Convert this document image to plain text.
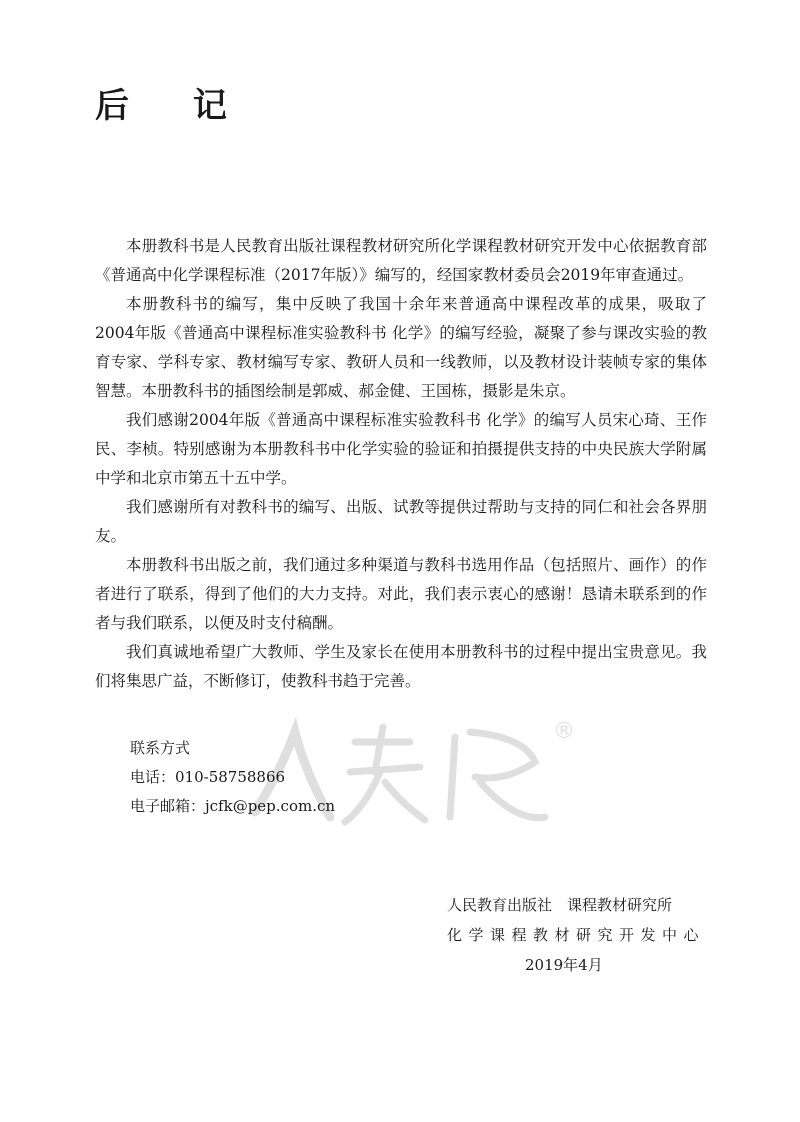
后 记

本册教科书是人民教育出版社课程教材研究所化学课程教材研究开发中心依据教育部《普通高中化学课程标准（2017年版）》编写的，经国家教材委员会2019年审查通过。

本册教科书的编写，集中反映了我国十余年来普通高中课程改革的成果，吸取了2004年版《普通高中课程标准实验教科书 化学》的编写经验，凝聚了参与课改实验的教育专家、学科专家、教材编写专家、教研人员和一线教师，以及教材设计装帧专家的集体智慧。本册教科书的插图绘制是郭威、郝金健、王国栋，摄影是朱京。

我们感谢2004年版《普通高中课程标准实验教科书 化学》的编写人员宋心琦、王作民、李桢。特别感谢为本册教科书中化学实验的验证和拍摄提供支持的中央民族大学附属中学和北京市第五十五中学。

我们感谢所有对教科书的编写、出版、试教等提供过帮助与支持的同仁和社会各界朋友。

本册教科书出版之前，我们通过多种渠道与教科书选用作品（包括照片、画作）的作者进行了联系，得到了他们的大力支持。对此，我们表示衷心的感谢！恳请未联系到的作者与我们联系，以便及时支付稿酬。

我们真诚地希望广大教师、学生及家长在使用本册教科书的过程中提出宝贵意见。我们将集思广益，不断修订，使教科书趋于完善。

®
联系方式
电话：010-58758866
电子邮箱：jcfk@pep.com.cn
人民教育出版社　课程教材研究所
化学课程教材研究开发中心
2019年4月
